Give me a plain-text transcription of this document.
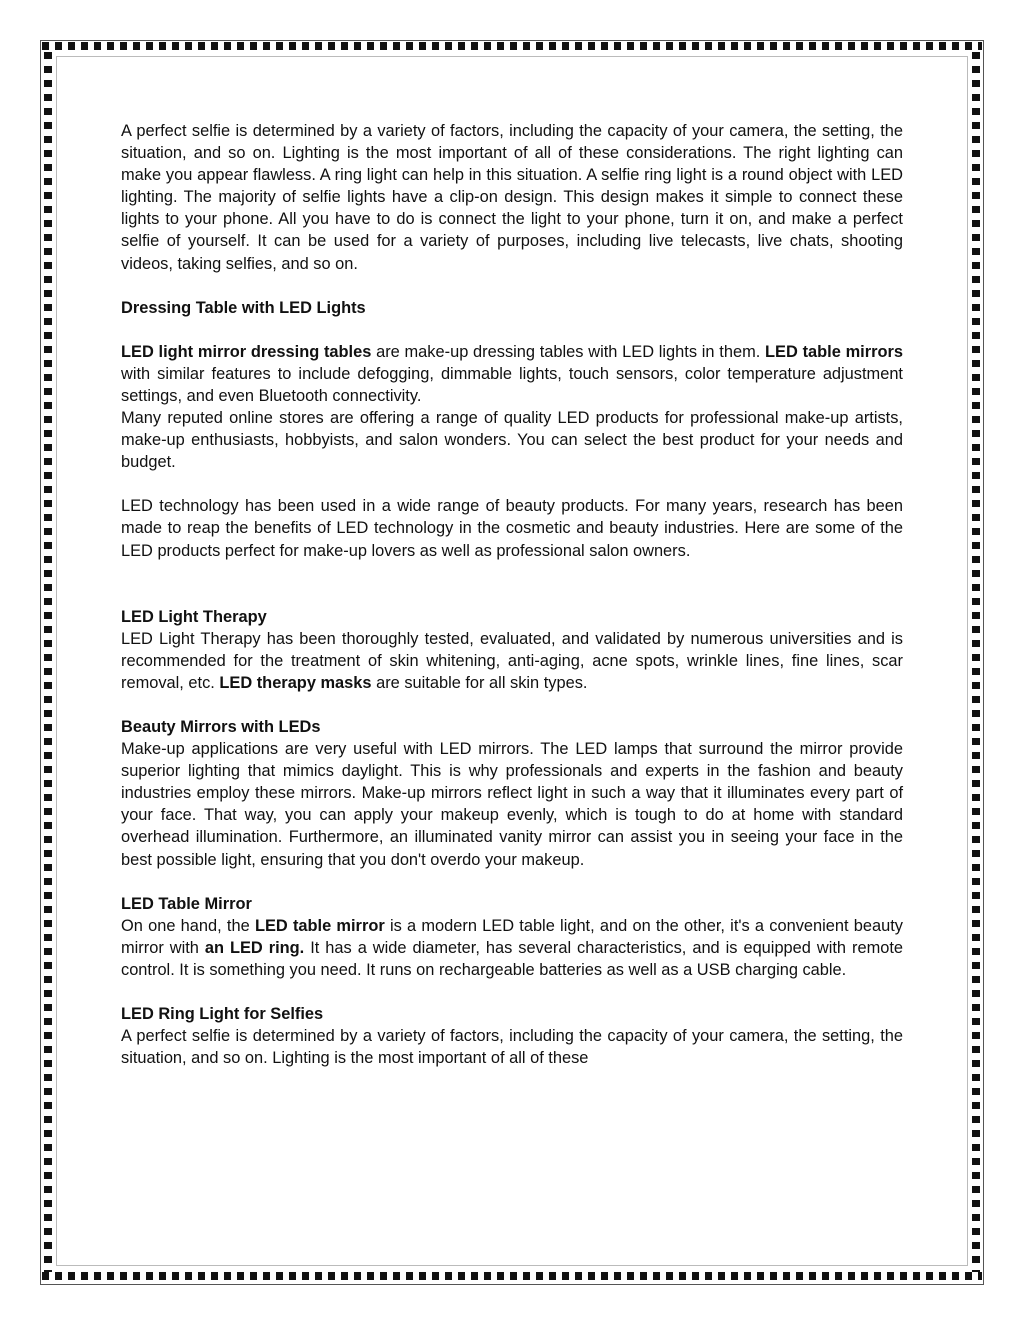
A perfect selfie is determined by a variety of factors, including the capacity of your camera, the setting, the situation, and so on. Lighting is the most important of all of these considerations. The right lighting can make you appear flawless. A ring light can help in this situation. A selfie ring light is a round object with LED lighting. The majority of selfie lights have a clip-on design. This design makes it simple to connect these lights to your phone. All you have to do is connect the light to your phone, turn it on, and make a perfect selfie of yourself. It can be used for a variety of purposes, including live telecasts, live chats, shooting videos, taking selfies, and so on.

Dressing Table with LED Lights

LED light mirror dressing tables are make-up dressing tables with LED lights in them. LED table mirrors with similar features to include defogging, dimmable lights, touch sensors, color temperature adjustment settings, and even Bluetooth connectivity.

Many reputed online stores are offering a range of quality LED products for professional make-up artists, make-up enthusiasts, hobbyists, and salon wonders. You can select the best product for your needs and budget.

LED technology has been used in a wide range of beauty products. For many years, research has been made to reap the benefits of LED technology in the cosmetic and beauty industries. Here are some of the LED products perfect for make-up lovers as well as professional salon owners.

LED Light Therapy

LED Light Therapy has been thoroughly tested, evaluated, and validated by numerous universities and is recommended for the treatment of skin whitening, anti-aging, acne spots, wrinkle lines, fine lines, scar removal, etc. LED therapy masks are suitable for all skin types.

Beauty Mirrors with LEDs

Make-up applications are very useful with LED mirrors. The LED lamps that surround the mirror provide superior lighting that mimics daylight. This is why professionals and experts in the fashion and beauty industries employ these mirrors. Make-up mirrors reflect light in such a way that it illuminates every part of your face. That way, you can apply your makeup evenly, which is tough to do at home with standard overhead illumination. Furthermore, an illuminated vanity mirror can assist you in seeing your face in the best possible light, ensuring that you don't overdo your makeup.

LED Table Mirror

On one hand, the LED table mirror is a modern LED table light, and on the other, it's a convenient beauty mirror with an LED ring. It has a wide diameter, has several characteristics, and is equipped with remote control. It is something you need. It runs on rechargeable batteries as well as a USB charging cable.

LED Ring Light for Selfies

A perfect selfie is determined by a variety of factors, including the capacity of your camera, the setting, the situation, and so on. Lighting is the most important of all of these
